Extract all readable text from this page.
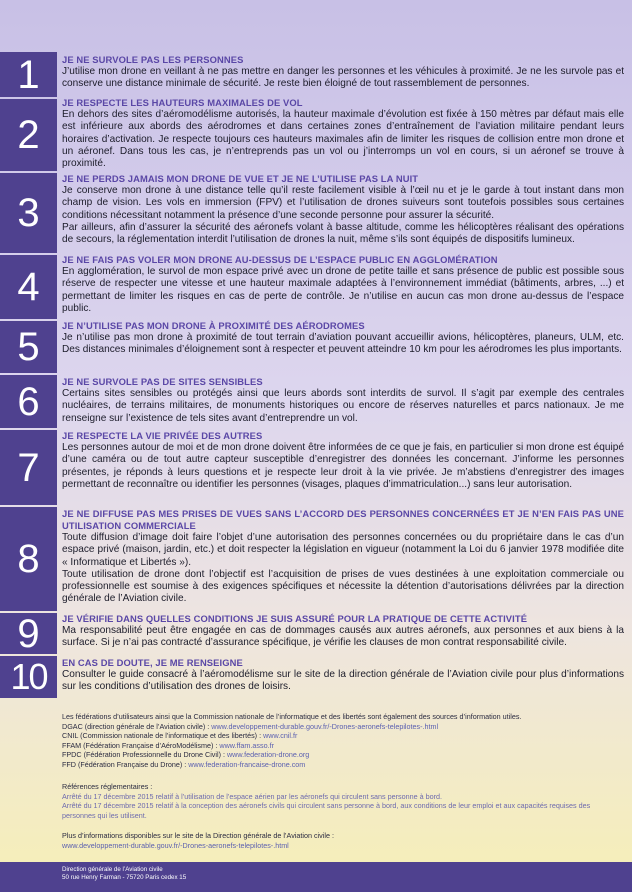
1 JE NE SURVOLE PAS LES PERSONNES

J’utilise mon drone en veillant à ne pas mettre en danger les personnes et les véhicules à proximité. Je ne les survole pas et conserve une distance minimale de sécurité. Je reste bien éloigné de tout rassemblement de personnes.

2
JE RESPECTE LES HAUTEURS MAXIMALES DE VOL

En dehors des sites d’aéromodélisme autorisés, la hauteur maximale d’évolution est fixée à 150 mètres par défaut mais elle est inférieure aux abords des aérodromes et dans certaines zones d’entraînement de l’aviation militaire pendant leurs horaires d’activation. Je respecte toujours ces hauteurs maximales afin de limiter les risques de collision entre mon drone et un aéronef. Dans tous les cas, je n’entreprends pas un vol ou j’interromps un vol en cours, si un aéronef se trouve à proximité.

3
JE NE PERDS JAMAIS MON DRONE DE VUE ET JE NE L’UTILISE PAS LA NUIT

Je conserve mon drone à une distance telle qu’il reste facilement visible à l’œil nu et je le garde à tout instant dans mon champ de vision. Les vols en immersion (FPV) et l’utilisation de drones suiveurs sont toutefois possibles sous certaines conditions nécessitant notamment la présence d’une seconde personne pour assurer la sécurité.

Par ailleurs, afin d’assurer la sécurité des aéronefs volant à basse altitude, comme les hélicoptères réalisant des opérations de secours, la réglementation interdit l’utilisation de drones la nuit, même s’ils sont équipés de dispositifs lumineux.

4
JE NE FAIS PAS VOLER MON DRONE AU-DESSUS DE L’ESPACE PUBLIC EN AGGLOMÉRATION

En agglomération, le survol de mon espace privé avec un drone de petite taille et sans présence de public est possible sous réserve de respecter une vitesse et une hauteur maximale adaptées à l’environnement immédiat (bâtiments, arbres, ...) et permettant de limiter les risques en cas de perte de contrôle. Je n’utilise en aucun cas mon drone au-dessus de l’espace public.

5 JE N’UTILISE PAS MON DRONE À PROXIMITÉ DES AÉRODROMES

Je n’utilise pas mon drone à proximité de tout terrain d’aviation pouvant accueillir avions, hélicoptères, planeurs, ULM, etc. Des distances minimales d’éloignement sont à respecter et peuvent atteindre 10 km pour les aérodromes les plus importants.

6 JE NE SURVOLE PAS DE SITES SENSIBLES

Certains sites sensibles ou protégés ainsi que leurs abords sont interdits de survol. Il s’agit par exemple des centrales nucléaires, de terrains militaires, de monuments historiques ou encore de réserves naturelles et parcs nationaux. Je me renseigne sur l’existence de tels sites avant d’entreprendre un vol.

7
JE RESPECTE LA VIE PRIVÉE DES AUTRES

Les personnes autour de moi et de mon drone doivent être informées de ce que je fais, en particulier si mon drone est équipé d’une caméra ou de tout autre capteur susceptible d’enregistrer des données les concernant. J’informe les personnes présentes, je réponds à leurs questions et je respecte leur droit à la vie privée. Je m’abstiens d’enregistrer des images permettant de reconnaître ou identifier les personnes (visages, plaques d’immatriculation...) sans leur autorisation.

8
JE NE DIFFUSE PAS MES PRISES DE VUES SANS L’ACCORD DES PERSONNES CONCERNÉES ET JE N’EN FAIS PAS UNE UTILISATION COMMERCIALE

Toute diffusion d’image doit faire l’objet d’une autorisation des personnes concernées ou du propriétaire dans le cas d’un espace privé (maison, jardin, etc.) et doit respecter la législation en vigueur (notamment la Loi du 6 janvier 1978 modifiée dite « Informatique et Libertés »).

Toute utilisation de drone dont l’objectif est l’acquisition de prises de vues destinées à une exploitation commerciale ou professionnelle est soumise à des exigences spécifiques et nécessite la détention d’autorisations délivrées par la direction générale de l’Aviation civile.

9 JE VÉRIFIE DANS QUELLES CONDITIONS JE SUIS ASSURÉ POUR LA PRATIQUE DE CETTE ACTIVITÉ

Ma responsabilité peut être engagée en cas de dommages causés aux autres aéronefs, aux personnes et aux biens à la surface. Si je n’ai pas contracté d’assurance spécifique, je vérifie les clauses de mon contrat responsabilité civile.

10 EN CAS DE DOUTE, JE ME RENSEIGNE

Consulter le guide consacré à l’aéromodélisme sur le site de la direction générale de l’Aviation civile pour plus d’informations sur les conditions d’utilisation des drones de loisirs.

Les fédérations d’utilisateurs ainsi que la Commission nationale de l’informatique et des libertés sont également des sources d’information utiles.
DGAC (direction générale de l’Aviation civile) : www.developpement-durable.gouv.fr/-Drones-aeronefs-telepilotes-.html
CNIL (Commission nationale de l’informatique et des libertés) : www.cnil.fr
FFAM (Fédération Française d’AéroModélisme) : www.ffam.asso.fr
FPDC (Fédération Professionnelle du Drone Civil) : www.federation-drone.org
FFD (Fédération Française du Drone) : www.federation-francaise-drone.com
Références réglementaires :
Arrêté du 17 décembre 2015 relatif à l’utilisation de l’espace aérien par les aéronefs qui circulent sans personne à bord.
Arrêté du 17 décembre 2015 relatif à la conception des aéronefs civils qui circulent sans personne à bord, aux conditions de leur emploi et aux capacités requises des personnes qui les utilisent.
Plus d’informations disponibles sur le site de la Direction générale de l’Aviation civile :
www.developpement-durable.gouv.fr/-Drones-aeronefs-telepilotes-.html
Direction générale de l’Aviation civile
50 rue Henry Farman - 75720 Paris cedex 15
